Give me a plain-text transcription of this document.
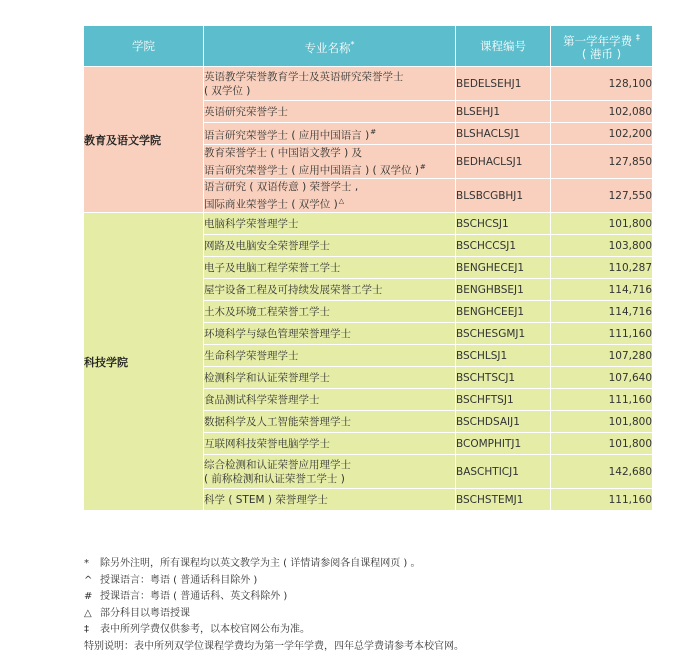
学院	专业名称*	课程编号	第一学年学费 ‡
( 港币 )
教育及语文学院	英语教学荣誉教育学士及英语研究荣誉学士
( 双学位 )	BEDELSEHJ1	128,100
	英语研究荣誉学士	BLSEHJ1	102,080
	语言研究荣誉学士 ( 应用中国语言 )#	BLSHACLSJ1	102,200
	教育荣誉学士 ( 中国语文教学 ) 及
语言研究荣誉学士 ( 应用中国语言 ) ( 双学位 )#	BEDHACLSJ1	127,850
	语言研究 ( 双语传意 ) 荣誉学士 ,
国际商业荣誉学士 ( 双学位 )△	BLSBCGBHJ1	127,550
科技学院	电脑科学荣誉理学士	BSCHCSJ1	101,800
	网路及电脑安全荣誉理学士	BSCHCCSJ1	103,800
	电子及电脑工程学荣誉工学士	BENGHECEJ1	110,287
	屋宇设备工程及可持续发展荣誉工学士	BENGHBSEJ1	114,716
	土木及环境工程荣誉工学士	BENGHCEEJ1	114,716
	环境科学与绿色管理荣誉理学士	BSCHESGMJ1	111,160
	生命科学荣誉理学士	BSCHLSJ1	107,280
	检测科学和认证荣誉理学士	BSCHTSCJ1	107,640
	食品测试科学荣誉理学士	BSCHFTSJ1	111,160
	数据科学及人工智能荣誉理学士	BSCHDSAIJ1	101,800
	互联网科技荣誉电脑学学士	BCOMPHITJ1	101,800
	综合检测和认证荣誉应用理学士
( 前称检测和认证荣誉工学士 )	BASCHTICJ1	142,680
	科学 ( STEM ) 荣誉理学士	BSCHSTEMJ1	111,160
* 除另外注明，所有课程均以英文教学为主 ( 详情请参阅各自课程网页 ) 。
^ 授课语言：粤语 ( 普通话科目除外 )
# 授课语言：粤语 ( 普通话科、英文科除外 )
△ 部分科目以粤语授课
‡ 表中所列学费仅供参考，以本校官网公布为准。
特别说明：表中所列双学位课程学费均为第一学年学费，四年总学费请参考本校官网。
